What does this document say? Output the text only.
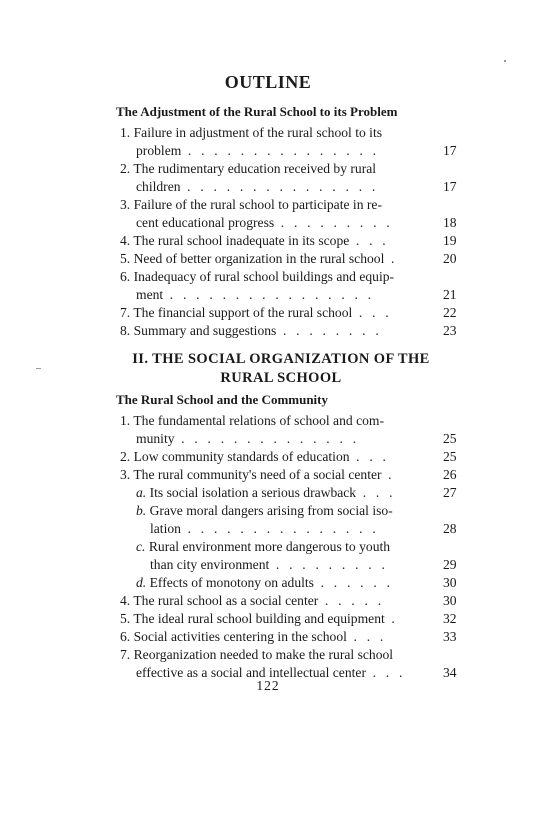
OUTLINE
The Adjustment of the Rural School to its Problem
1. Failure in adjustment of the rural school to its
problem . . . . . . . . . . . . . . .	17
2. The rudimentary education received by rural
children . . . . . . . . . . . . . . .	17
3. Failure of the rural school to participate in re-
cent educational progress . . . . . . . . .	18
4. The rural school inadequate in its scope . . .	19
5. Need of better organization in the rural school .	20
6. Inadequacy of rural school buildings and equip-
ment . . . . . . . . . . . . . . . .	21
7. The financial support of the rural school . . .	22
8. Summary and suggestions . . . . . . . .	23
II. THE SOCIAL ORGANIZATION OF THE
RURAL SCHOOL
The Rural School and the Community
1. The fundamental relations of school and com-
munity . . . . . . . . . . . . . .	25
2. Low community standards of education . . .	25
3. The rural community's need of a social center .	26
a. Its social isolation a serious drawback . . .	27
b. Grave moral dangers arising from social iso-
lation . . . . . . . . . . . . . . .	28
c. Rural environment more dangerous to youth
than city environment . . . . . . . . .	29
d. Effects of monotony on adults . . . . . .	30
4. The rural school as a social center . . . . .	30
5. The ideal rural school building and equipment .	32
6. Social activities centering in the school . . .	33
7. Reorganization needed to make the rural school
effective as a social and intellectual center . . .	34
122
